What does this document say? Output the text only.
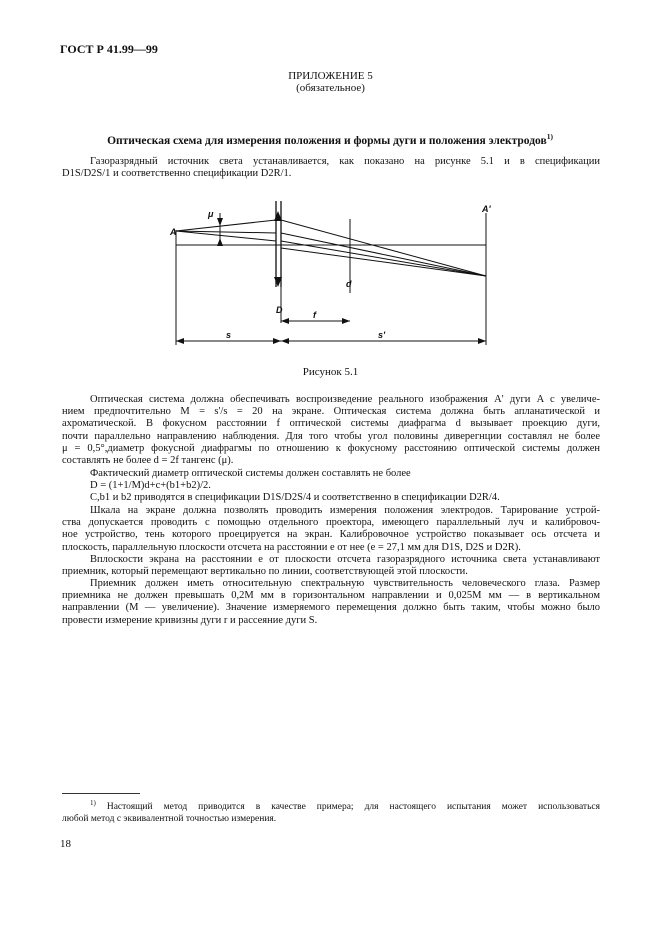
ГОСТ Р 41.99—99
ПРИЛОЖЕНИЕ 5
(обязательное)
Оптическая схема для измерения положения и формы дуги и положения электродов$^{1)}$

Газоразрядный источник света устанавливается, как показано на рисунке 5.1 и в спецификации
D1S/D2S/1 и соответственно спецификации D2R/1.

A
A'
μ
D
d
f
s	s'
Рисунок 5.1

Оптическая система должна обеспечивать воспроизведение реального изображения A' дуги A с увеличе-
нием предпочтительно M = s'/s = 20 на экране. Оптическая система должна быть апланатической и
ахроматической. В фокусном расстоянии f оптической системы диафрагма d вызывает проекцию дуги,
почти параллельно направлению наблюдения. Для того чтобы угол половины диверегнции составлял не более
μ = 0,5°,диаметр фокусной диафрагмы по отношению к фокусному расстоянию оптической системы должен
составлять не более d = 2f тангенс (μ).

Фактический диаметр оптической системы должен составлять не более
D = (1+1/M)d+c+(b1+b2)/2.
C,b1 и b2 приводятся в спецификации D1S/D2S/4 и соответственно в спецификации D2R/4.

Шкала на экране должна позволять проводить измерения положения электродов. Тарирование устрой-
ства допускается проводить с помощью отдельного проектора, имеющего параллельный луч и калибровоч-
ное устройство, тень которого проецируется на экран. Калибровочное устройство показывает ось отсчета и
плоскость, параллельную плоскости отсчета на расстоянии e от нее (e = 27,1 мм для D1S, D2S и D2R).

Вплоскости экрана на расстоянии e от плоскости отсчета газоразрядного источника света устанавливают
приемник, который перемещают вертикально по линии, соответствующей этой плоскости.

Приемник должен иметь относительную спектральную чувствительность человеческого глаза. Размер
приемника не должен превышать 0,2M мм в горизонтальном направлении и 0,025M мм — в вертикальном
направлении (M — увеличение). Значение измеряемого перемещения должно быть таким, чтобы можно было
провести измерение кривизны дуги r и рассеяние дуги S.

$^{1)}$ Настоящий метод приводится в качестве примера; для настоящего испытания может использоваться
любой метод с эквивалентной точностью измерения.

18
